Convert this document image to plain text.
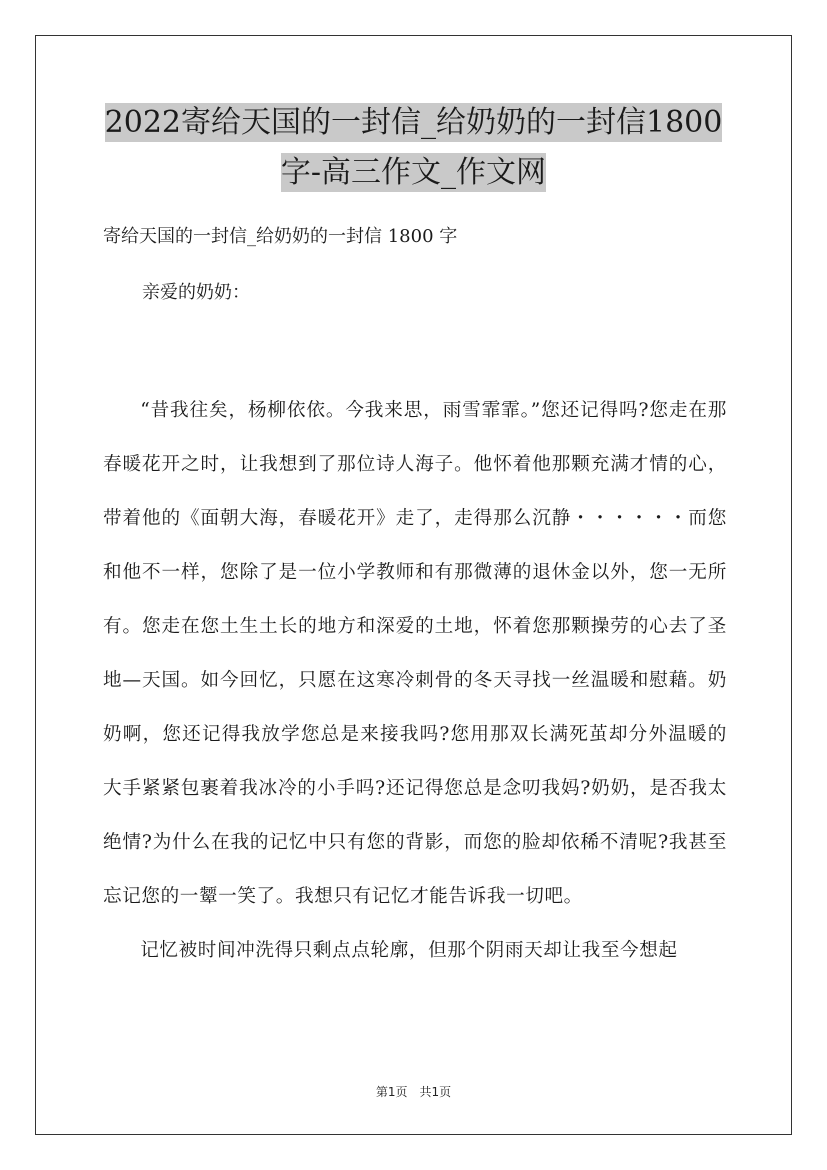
2022寄给天国的一封信_给奶奶的一封信1800
字-高三作文_作文网
寄给天国的一封信_给奶奶的一封信 1800 字
亲爱的奶奶：

“昔我往矣，杨柳依依。今我来思，雨雪霏霏。”您还记得吗?您走在那春暖花开之时，让我想到了那位诗人海子。他怀着他那颗充满才情的心，带着他的《面朝大海，春暖花开》走了，走得那么沉静・・・・・・而您和他不一样，您除了是一位小学教师和有那微薄的退休金以外，您一无所有。您走在您土生土长的地方和深爱的土地，怀着您那颗操劳的心去了圣地—天国。如今回忆，只愿在这寒冷刺骨的冬天寻找一丝温暖和慰藉。奶奶啊，您还记得我放学您总是来接我吗?您用那双长满死茧却分外温暖的大手紧紧包裹着我冰冷的小手吗?还记得您总是念叨我妈?奶奶，是否我太绝情?为什么在我的记忆中只有您的背影，而您的脸却依稀不清呢?我甚至忘记您的一颦一笑了。我想只有记忆才能告诉我一切吧。

记忆被时间冲洗得只剩点点轮廓，但那个阴雨天却让我至今想起

第1页 共1页
